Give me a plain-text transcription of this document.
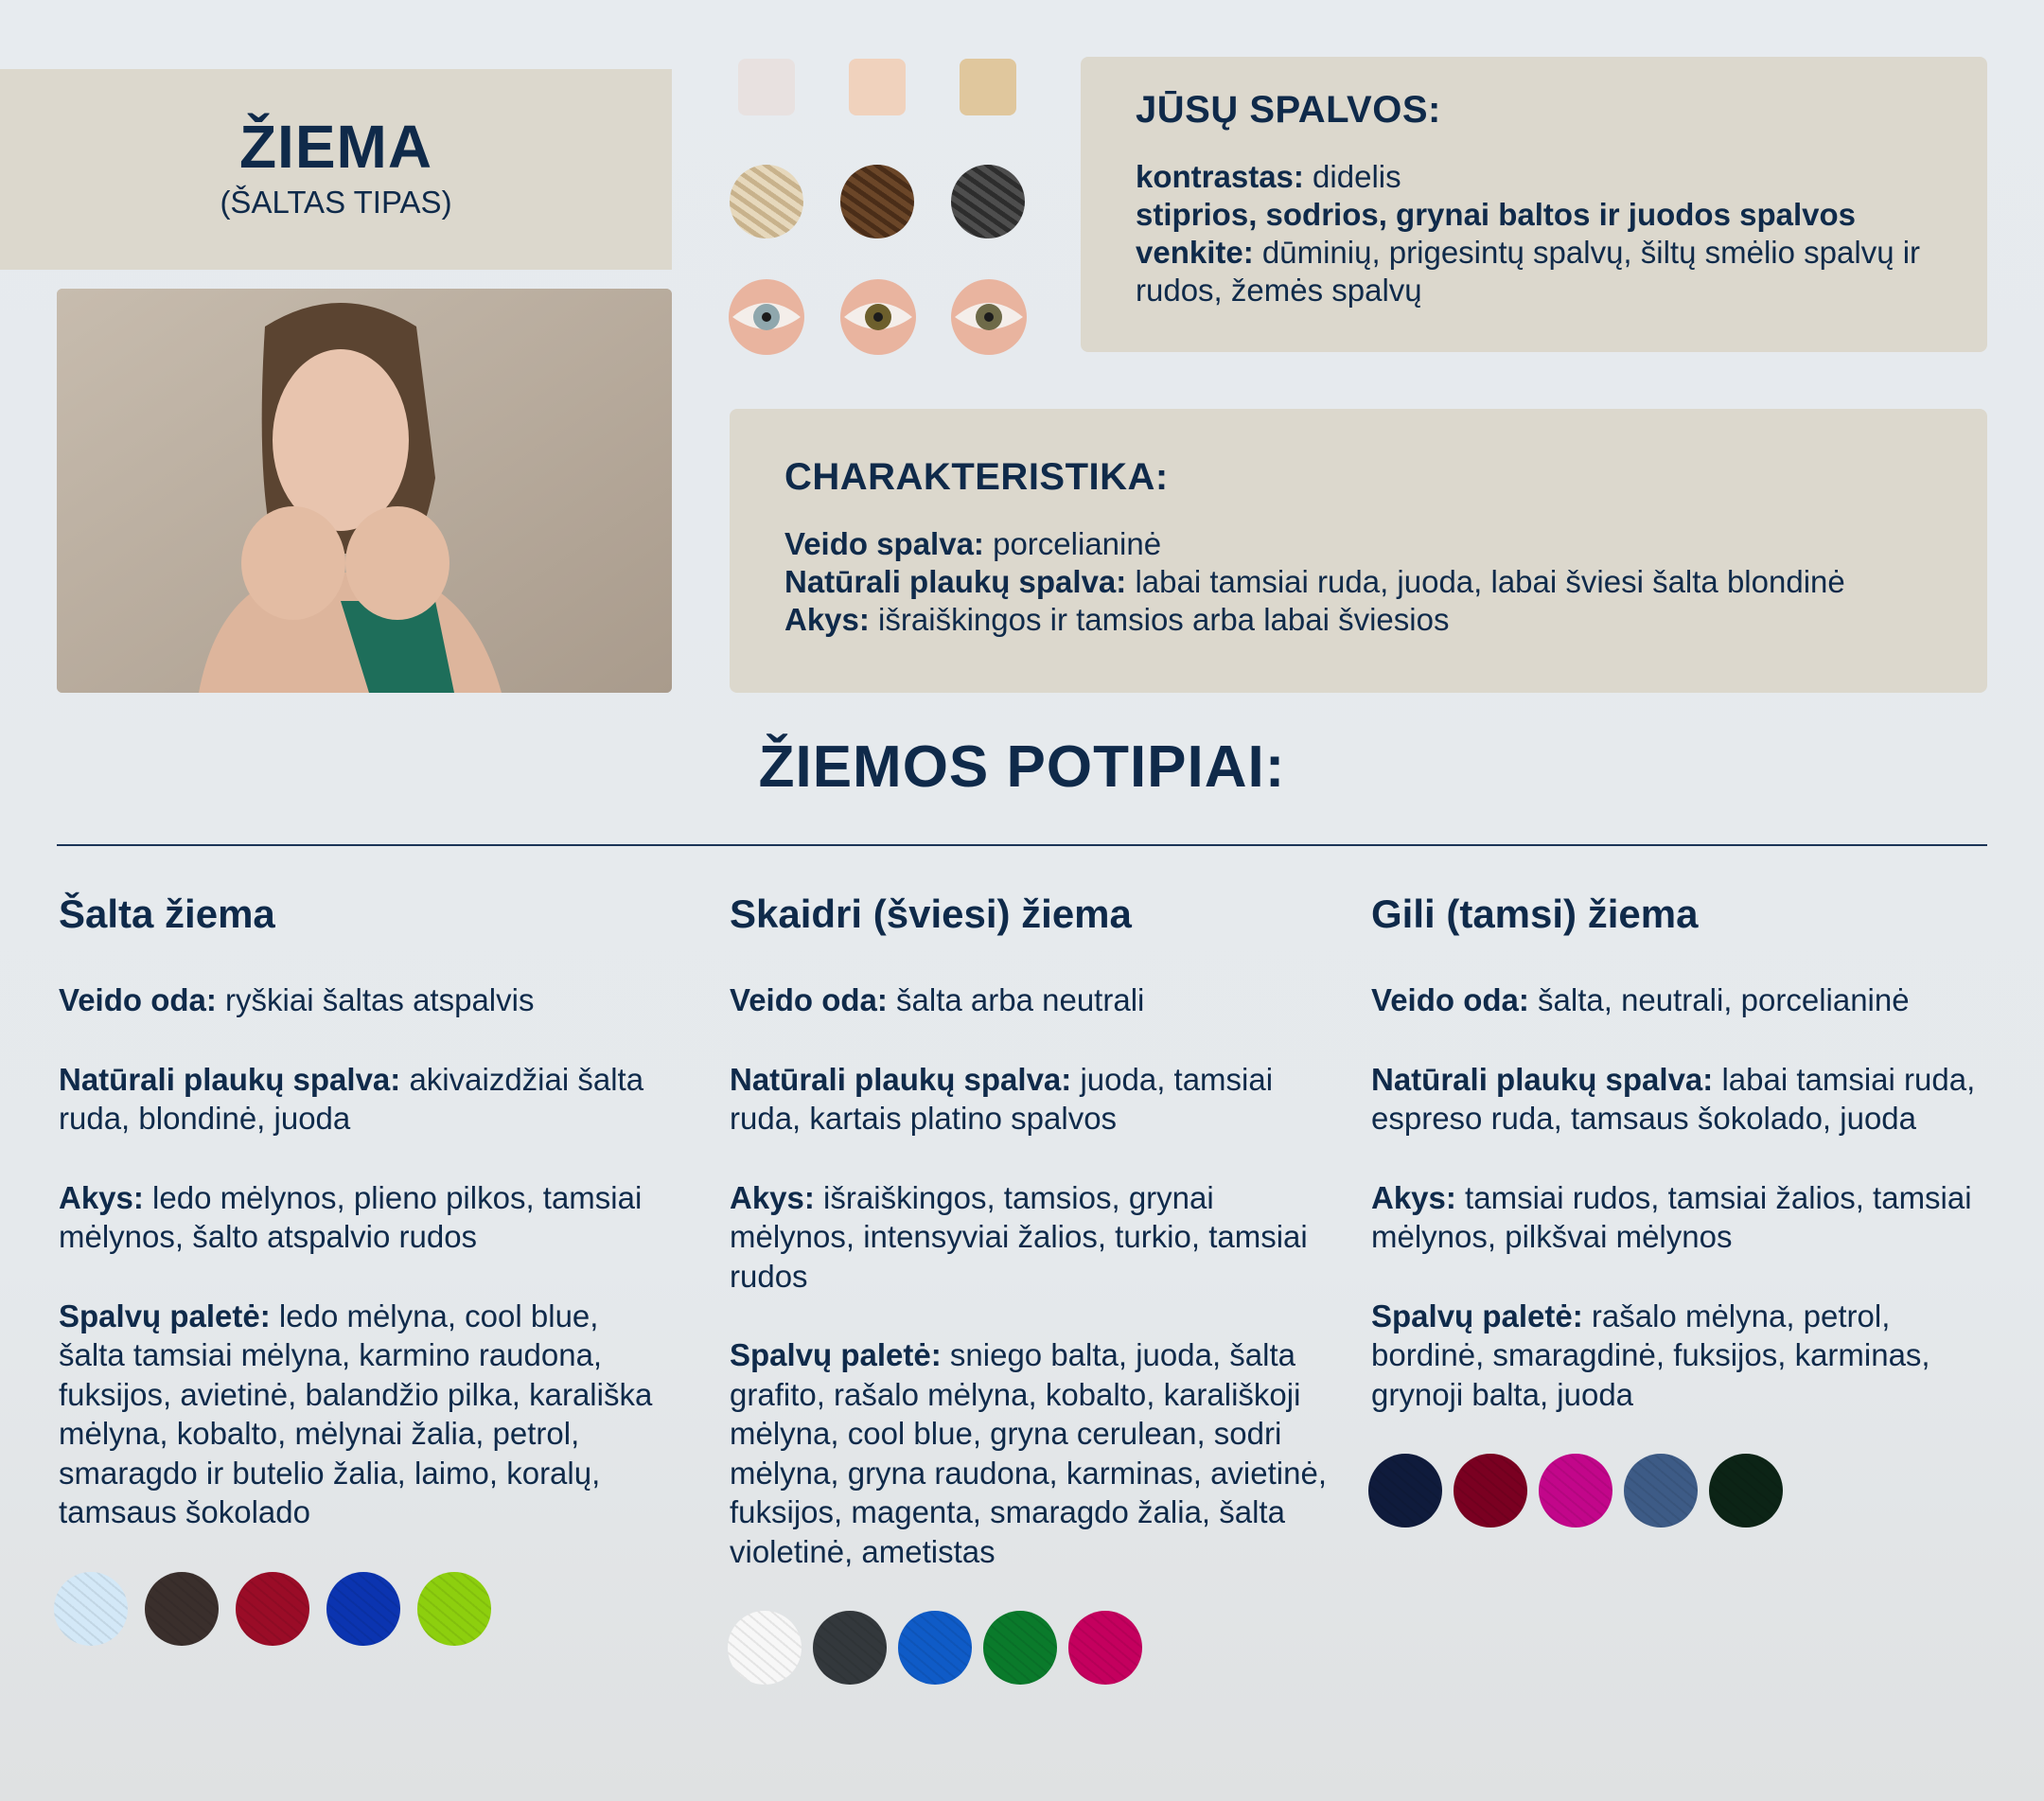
ŽIEMA
(ŠALTAS TIPAS)
JŪSŲ SPALVOS:

kontrastas: didelis

stiprios, sodrios, grynai baltos ir juodos spalvos

venkite: dūminių, prigesintų spalvų, šiltų smėlio spalvų ir rudos, žemės spalvų

CHARAKTERISTIKA:

Veido spalva: porcelianinė

Natūrali plaukų spalva: labai tamsiai ruda, juoda, labai šviesi šalta blondinė

Akys: išraiškingos ir tamsios arba labai šviesios

ŽIEMOS POTIPIAI:
Šalta žiema

Veido oda: ryškiai šaltas atspalvis

Natūrali plaukų spalva: akivaizdžiai šalta ruda, blondinė, juoda

Akys: ledo mėlynos, plieno pilkos, tamsiai mėlynos, šalto atspalvio rudos

Spalvų paletė: ledo mėlyna, cool blue, šalta tamsiai mėlyna, karmino raudona, fuksijos, avietinė, balandžio pilka, karališka mėlyna, kobalto, mėlynai žalia, petrol, smaragdo ir butelio žalia, laimo, koralų, tamsaus šokolado

Skaidri (šviesi) žiema

Veido oda: šalta arba neutrali

Natūrali plaukų spalva: juoda, tamsiai ruda, kartais platino spalvos

Akys: išraiškingos, tamsios, grynai mėlynos, intensyviai žalios, turkio, tamsiai rudos

Spalvų paletė: sniego balta, juoda, šalta grafito, rašalo mėlyna, kobalto, karališkoji mėlyna, cool blue, gryna cerulean, sodri mėlyna, gryna raudona, karminas, avietinė, fuksijos, magenta, smaragdo žalia, šalta violetinė, ametistas

Gili (tamsi) žiema

Veido oda: šalta, neutrali, porcelianinė

Natūrali plaukų spalva: labai tamsiai ruda, espreso ruda, tamsaus šokolado, juoda

Akys: tamsiai rudos, tamsiai žalios, tamsiai mėlynos, pilkšvai mėlynos

Spalvų paletė: rašalo mėlyna, petrol, bordinė, smaragdinė, fuksijos, karminas, grynoji balta, juoda
